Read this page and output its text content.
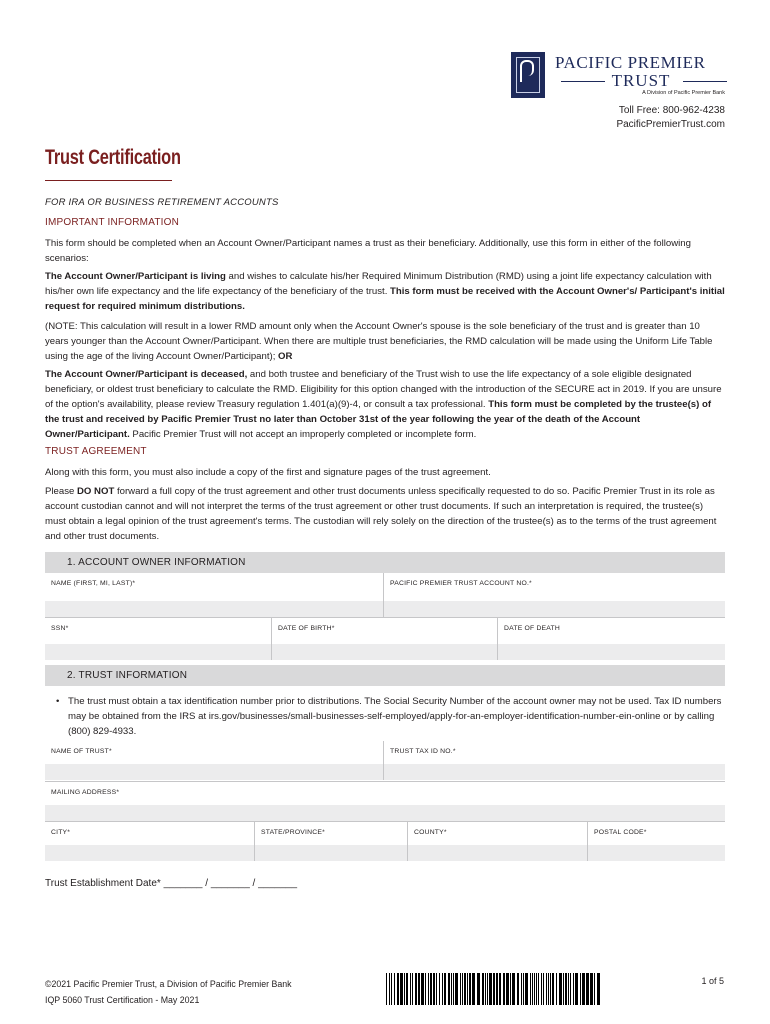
PACIFIC PREMIER
TRUST
A Division of Pacific Premier Bank
Toll Free: 800-962-4238
PacificPremierTrust.com
Trust Certification
FOR IRA OR BUSINESS RETIREMENT ACCOUNTS
IMPORTANT INFORMATION
This form should be completed when an Account Owner/Participant names a trust as their beneficiary. Additionally, use this form in either of the following scenarios:
The Account Owner/Participant is living and wishes to calculate his/her Required Minimum Distribution (RMD) using a joint life expectancy calculation with his/her own life expectancy and the life expectancy of the beneficiary of the trust. This form must be received with the Account Owner's/ Participant's initial request for required minimum distributions.
(NOTE: This calculation will result in a lower RMD amount only when the Account Owner's spouse is the sole beneficiary of the trust and is greater than 10 years younger than the Account Owner/Participant. When there are multiple trust beneficiaries, the RMD calculation will be made using the Uniform Life Table using the age of the living Account Owner/Participant); OR
The Account Owner/Participant is deceased, and both trustee and beneficiary of the Trust wish to use the life expectancy of a sole eligible designated beneficiary, or oldest trust beneficiary to calculate the RMD. Eligibility for this option changed with the introduction of the SECURE act in 2019. If you are unsure of the option's availability, please review Treasury regulation 1.401(a)(9)-4, or consult a tax professional. This form must be completed by the trustee(s) of the trust and received by Pacific Premier Trust no later than October 31st of the year following the year of the death of the Account Owner/Participant. Pacific Premier Trust will not accept an improperly completed or incomplete form.
TRUST AGREEMENT
Along with this form, you must also include a copy of the first and signature pages of the trust agreement.
Please DO NOT forward a full copy of the trust agreement and other trust documents unless specifically requested to do so. Pacific Premier Trust in its role as account custodian cannot and will not interpret the terms of the trust agreement or other trust documents. If such an interpretation is required, the trustee(s) must obtain a legal opinion of the trust agreement's terms. The custodian will rely solely on the direction of the trustee(s) as to the terms of the trust agreement and other trust documents.
1. ACCOUNT OWNER INFORMATION
NAME (FIRST, MI, LAST)*	PACIFIC PREMIER TRUST ACCOUNT NO.*
SSN*	DATE OF BIRTH*	DATE OF DEATH
2. TRUST INFORMATION
• The trust must obtain a tax identification number prior to distributions. The Social Security Number of the account owner may not be used. Tax ID numbers may be obtained from the IRS at irs.gov/businesses/small-businesses-self-employed/apply-for-an-employer-identification-number-ein-online or by calling (800) 829-4933.
NAME OF TRUST*	TRUST TAX ID NO.*
MAILING ADDRESS*
CITY*	STATE/PROVINCE*	COUNTY*	POSTAL CODE*
Trust Establishment Date* _______ / _______ / _______
©2021 Pacific Premier Trust, a Division of Pacific Premier Bank
IQP 5060 Trust Certification - May 2021
1 of 5
